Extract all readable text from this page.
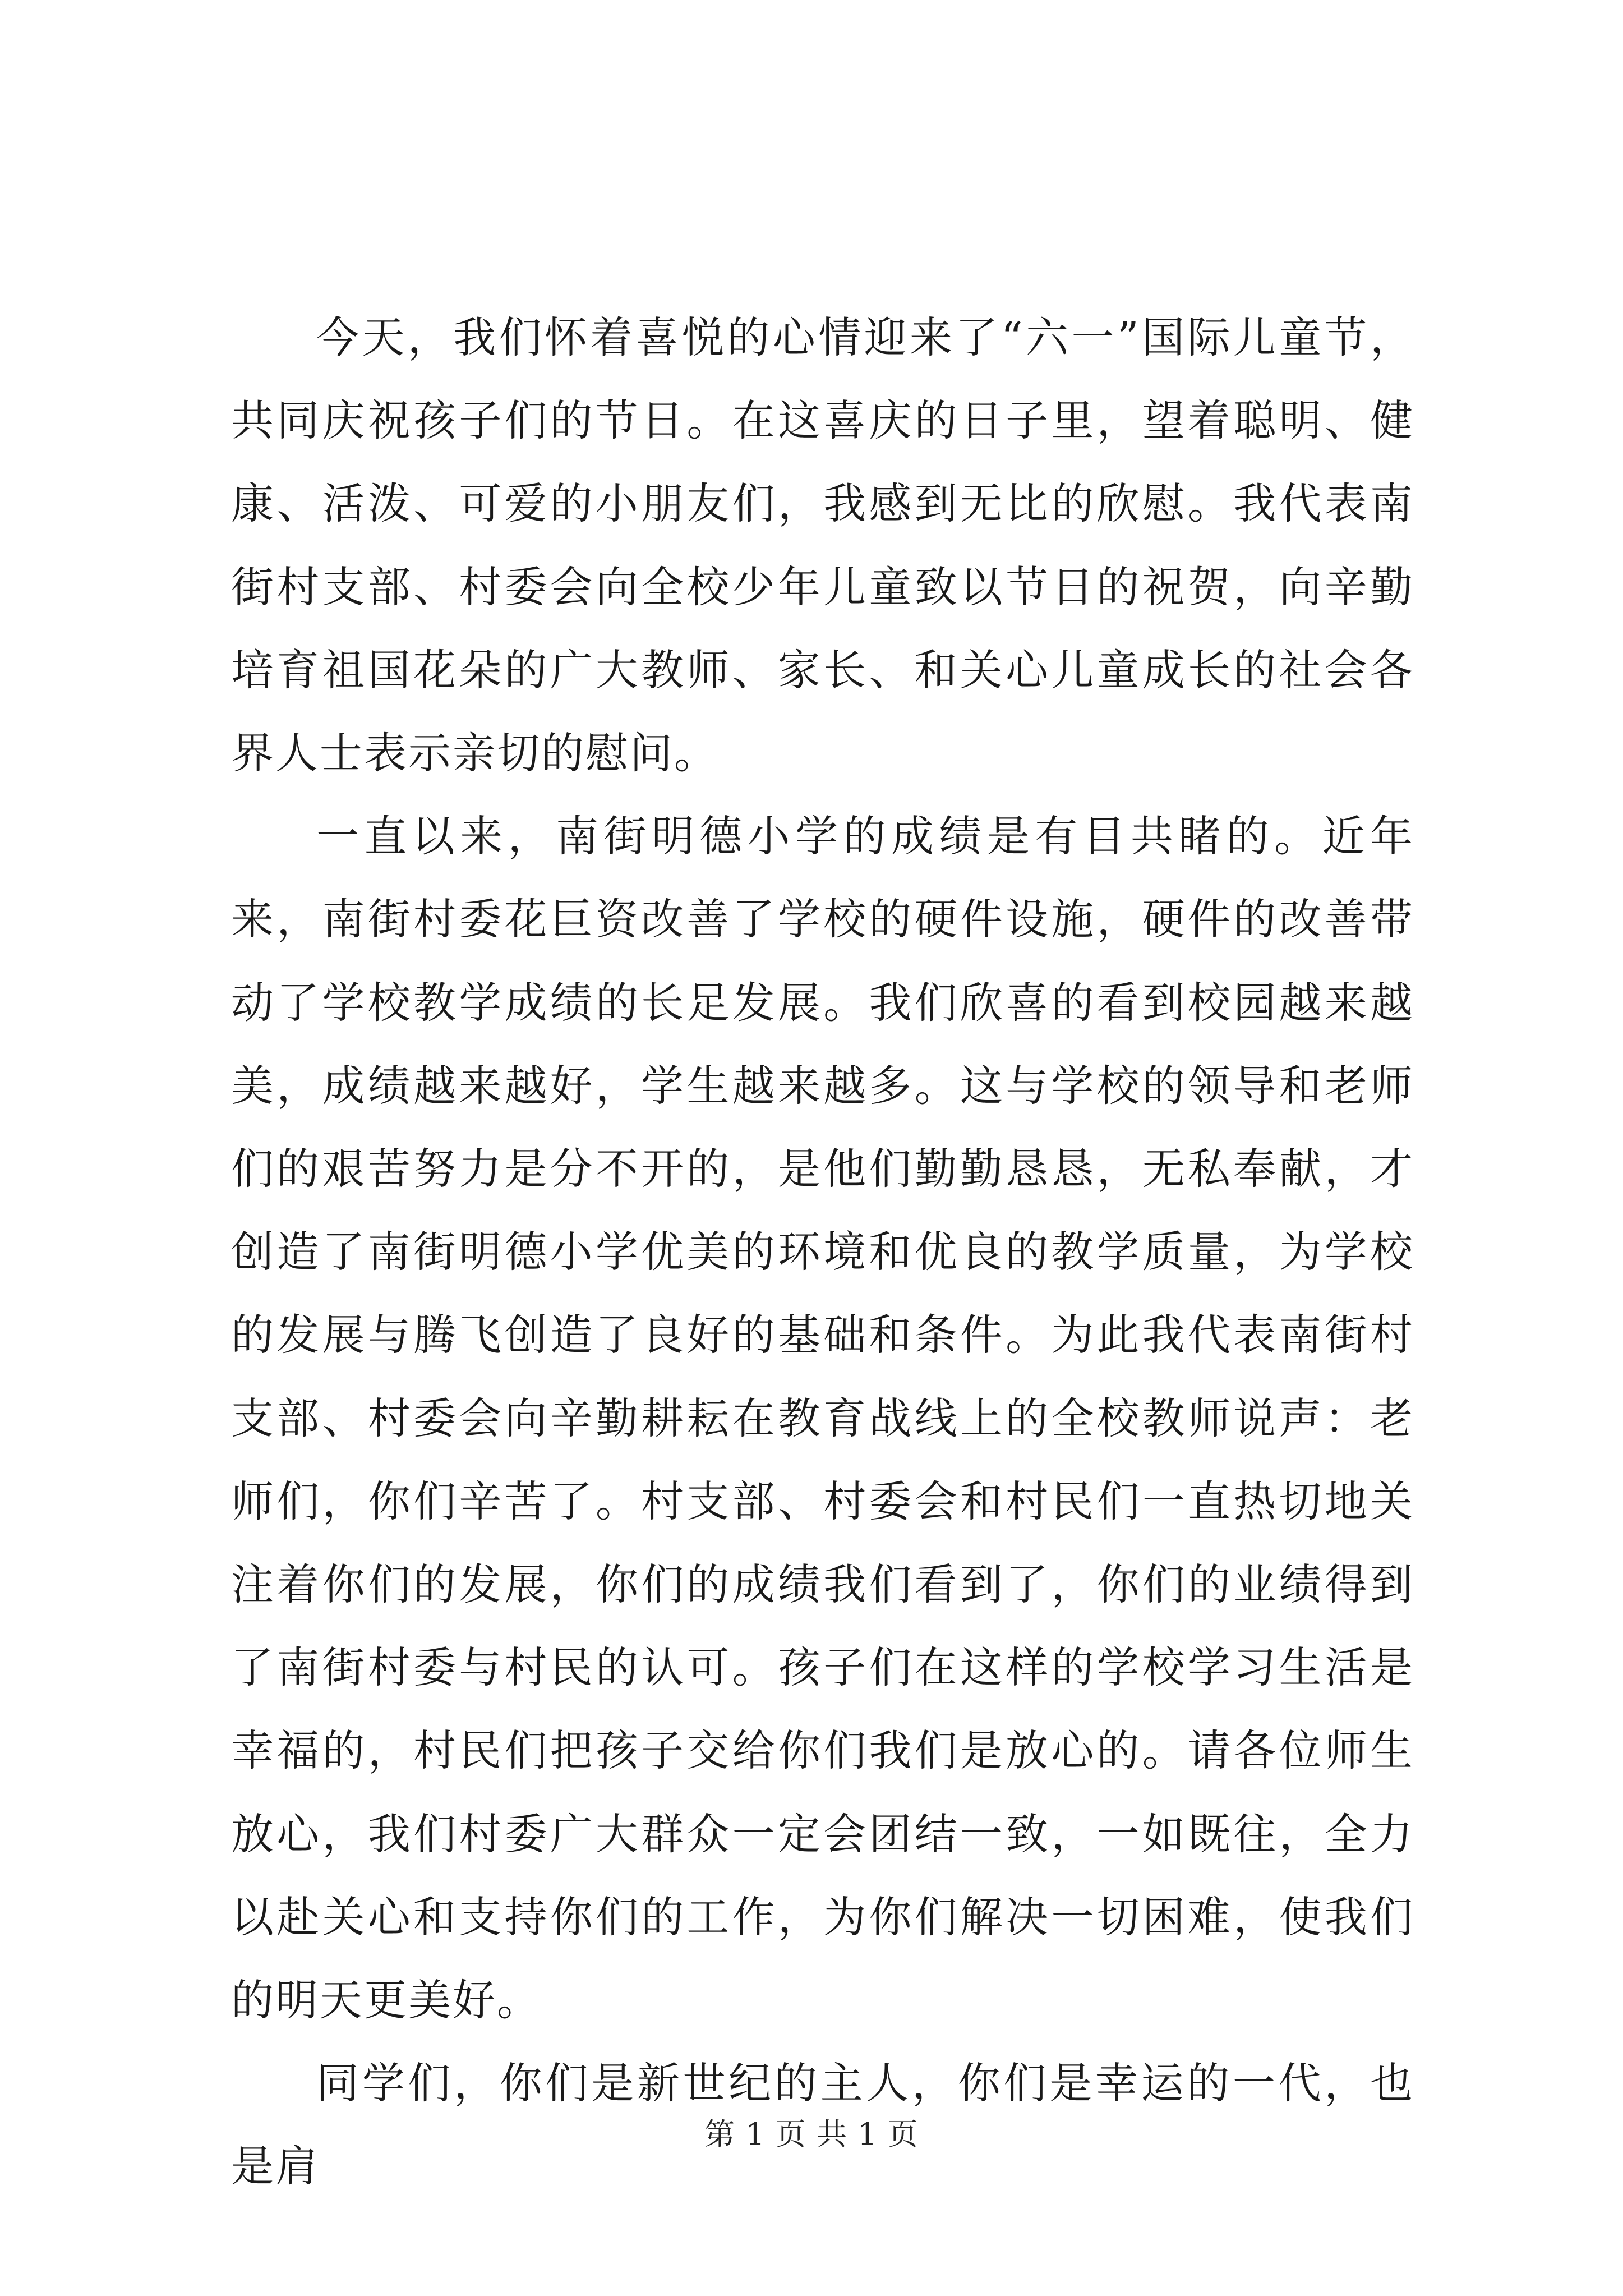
今天，我们怀着喜悦的心情迎来了“六一”国际儿童节，共同庆祝孩子们的节日。在这喜庆的日子里，望着聪明、健康、活泼、可爱的小朋友们，我感到无比的欣慰。我代表南街村支部、村委会向全校少年儿童致以节日的祝贺，向辛勤培育祖国花朵的广大教师、家长、和关心儿童成长的社会各界人士表示亲切的慰问。

一直以来，南街明德小学的成绩是有目共睹的。近年来，南街村委花巨资改善了学校的硬件设施，硬件的改善带动了学校教学成绩的长足发展。我们欣喜的看到校园越来越美，成绩越来越好，学生越来越多。这与学校的领导和老师们的艰苦努力是分不开的，是他们勤勤恳恳，无私奉献，才创造了南街明德小学优美的环境和优良的教学质量，为学校的发展与腾飞创造了良好的基础和条件。为此我代表南街村支部、村委会向辛勤耕耘在教育战线上的全校教师说声：老师们，你们辛苦了。村支部、村委会和村民们一直热切地关注着你们的发展，你们的成绩我们看到了，你们的业绩得到了南街村委与村民的认可。孩子们在这样的学校学习生活是幸福的，村民们把孩子交给你们我们是放心的。请各位师生放心，我们村委广大群众一定会团结一致，一如既往，全力以赴关心和支持你们的工作，为你们解决一切困难，使我们的明天更美好。

同学们，你们是新世纪的主人，你们是幸运的一代，也是肩

第 1 页 共 1 页
